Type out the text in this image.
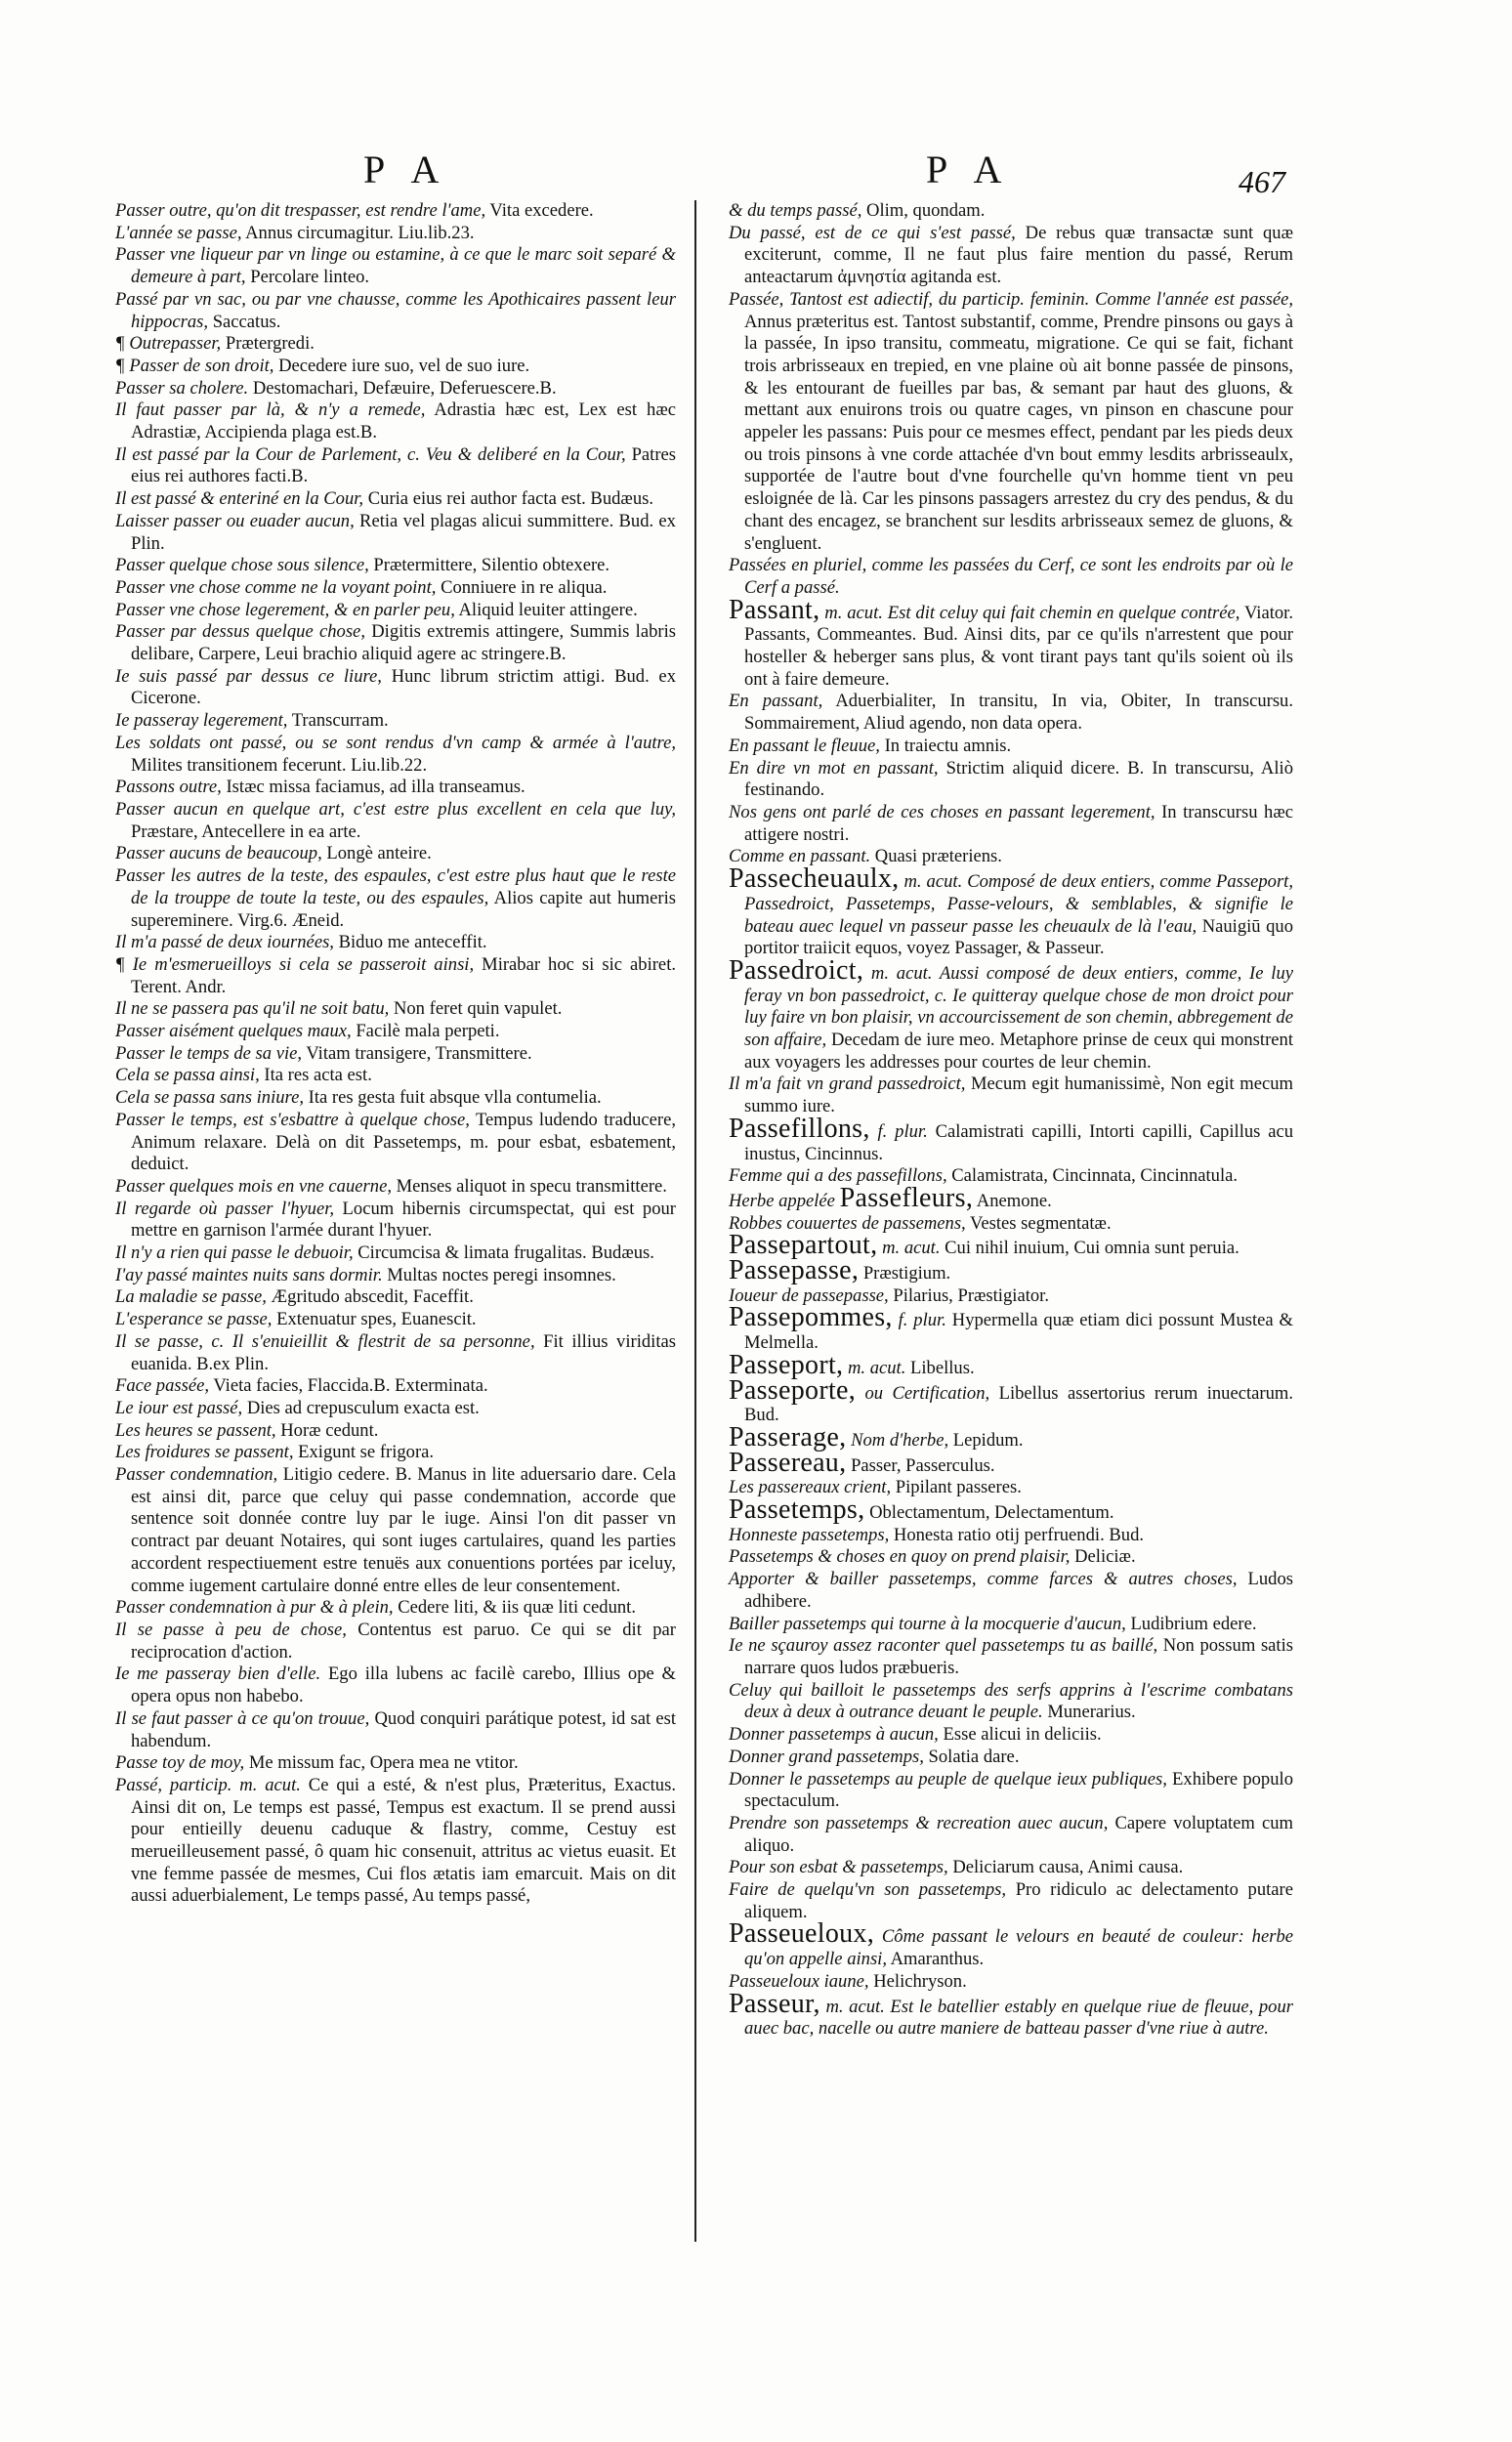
P A	P A	467

Passer outre, qu'on dit trespasser, est rendre l'ame, Vita excedere.

L'année se passe, Annus circumagitur. Liu.lib.23.

Passer vne liqueur par vn linge ou estamine, à ce que le marc soit separé & demeure à part, Percolare linteo.

Passé par vn sac, ou par vne chausse, comme les Apothicaires passent leur hippocras, Saccatus.

¶ Outrepasser, Prætergredi.

¶ Passer de son droit, Decedere iure suo, vel de suo iure.

Passer sa cholere. Destomachari, Defæuire, Deferuescere.B.

Il faut passer par là, & n'y a remede, Adrastia hæc est, Lex est hæc Adrastiæ, Accipienda plaga est.B.

Il est passé par la Cour de Parlement, c. Veu & deliberé en la Cour, Patres eius rei authores facti.B.

Il est passé & enteriné en la Cour, Curia eius rei author facta est. Budæus.

Laisser passer ou euader aucun, Retia vel plagas alicui summittere. Bud. ex Plin.

Passer quelque chose sous silence, Prætermittere, Silentio obtexere.

Passer vne chose comme ne la voyant point, Conniuere in re aliqua.

Passer vne chose legerement, & en parler peu, Aliquid leuiter attingere.

Passer par dessus quelque chose, Digitis extremis attingere, Summis labris delibare, Carpere, Leui brachio aliquid agere ac stringere.B.

Ie suis passé par dessus ce liure, Hunc librum strictim attigi. Bud. ex Cicerone.

Ie passeray legerement, Transcurram.

Les soldats ont passé, ou se sont rendus d'vn camp & armée à l'autre, Milites transitionem fecerunt. Liu.lib.22.

Passons outre, Istæc missa faciamus, ad illa transeamus.

Passer aucun en quelque art, c'est estre plus excellent en cela que luy, Præstare, Antecellere in ea arte.

Passer aucuns de beaucoup, Longè anteire.

Passer les autres de la teste, des espaules, c'est estre plus haut que le reste de la trouppe de toute la teste, ou des espaules, Alios capite aut humeris supereminere. Virg.6. Æneid.

Il m'a passé de deux iournées, Biduo me anteceffit.

¶ Ie m'esmerueilloys si cela se passeroit ainsi, Mirabar hoc si sic abiret. Terent. Andr.

Il ne se passera pas qu'il ne soit batu, Non feret quin vapulet.

Passer aisément quelques maux, Facilè mala perpeti.

Passer le temps de sa vie, Vitam transigere, Transmittere.

Cela se passa ainsi, Ita res acta est.

Cela se passa sans iniure, Ita res gesta fuit absque vlla contumelia.

Passer le temps, est s'esbattre à quelque chose, Tempus ludendo traducere, Animum relaxare. Delà on dit Passetemps, m. pour esbat, esbatement, deduict.

Passer quelques mois en vne cauerne, Menses aliquot in specu transmittere.

Il regarde où passer l'hyuer, Locum hibernis circumspectat, qui est pour mettre en garnison l'armée durant l'hyuer.

Il n'y a rien qui passe le debuoir, Circumcisa & limata frugalitas. Budæus.

I'ay passé maintes nuits sans dormir. Multas noctes peregi insomnes.

La maladie se passe, Ægritudo abscedit, Faceffit.

L'esperance se passe, Extenuatur spes, Euanescit.

Il se passe, c. Il s'enuieillit & flestrit de sa personne, Fit illius viriditas euanida. B.ex Plin.

Face passée, Vieta facies, Flaccida.B. Exterminata.

Le iour est passé, Dies ad crepusculum exacta est.

Les heures se passent, Horæ cedunt.

Les froidures se passent, Exigunt se frigora.

Passer condemnation, Litigio cedere. B. Manus in lite aduersario dare. Cela est ainsi dit, parce que celuy qui passe condemnation, accorde que sentence soit donnée contre luy par le iuge. Ainsi l'on dit passer vn contract par deuant Notaires, qui sont iuges cartulaires, quand les parties accordent respectiuement estre tenuës aux conuentions portées par iceluy, comme iugement cartulaire donné entre elles de leur consentement.

Passer condemnation à pur & à plein, Cedere liti, & iis quæ liti cedunt.

Il se passe à peu de chose, Contentus est paruo. Ce qui se dit par reciprocation d'action.

Ie me passeray bien d'elle. Ego illa lubens ac facilè carebo, Illius ope & opera opus non habebo.

Il se faut passer à ce qu'on trouue, Quod conquiri parátique potest, id sat est habendum.

Passe toy de moy, Me missum fac, Opera mea ne vtitor.

Passé, particip. m. acut. Ce qui a esté, & n'est plus, Præteritus, Exactus. Ainsi dit on, Le temps est passé, Tempus est exactum. Il se prend aussi pour entieilly deuenu caduque & flastry, comme, Cestuy est merueilleusement passé, ô quam hic consenuit, attritus ac vietus euasit. Et vne femme passée de mesmes, Cui flos ætatis iam emarcuit. Mais on dit aussi aduerbialement, Le temps passé, Au temps passé,

& du temps passé, Olim, quondam.

Du passé, est de ce qui s'est passé, De rebus quæ transactæ sunt quæ exciterunt, comme, Il ne faut plus faire mention du passé, Rerum anteactarum ἀμνηστία agitanda est.

Passée, Tantost est adiectif, du particip. feminin. Comme l'année est passée, Annus præteritus est. Tantost substantif, comme, Prendre pinsons ou gays à la passée, In ipso transitu, commeatu, migratione. Ce qui se fait, fichant trois arbrisseaux en trepied, en vne plaine où ait bonne passée de pinsons, & les entourant de fueilles par bas, & semant par haut des gluons, & mettant aux enuirons trois ou quatre cages, vn pinson en chascune pour appeler les passans: Puis pour ce mesmes effect, pendant par les pieds deux ou trois pinsons à vne corde attachée d'vn bout emmy lesdits arbrisseaulx, supportée de l'autre bout d'vne fourchelle qu'vn homme tient vn peu esloignée de là. Car les pinsons passagers arrestez du cry des pendus, & du chant des encagez, se branchent sur lesdits arbrisseaux semez de gluons, & s'engluent.

Passées en pluriel, comme les passées du Cerf, ce sont les endroits par où le Cerf a passé.

Passant, m. acut. Est dit celuy qui fait chemin en quelque contrée, Viator. Passants, Commeantes. Bud. Ainsi dits, par ce qu'ils n'arrestent que pour hosteller & heberger sans plus, & vont tirant pays tant qu'ils soient où ils ont à faire demeure.

En passant, Aduerbialiter, In transitu, In via, Obiter, In transcursu. Sommairement, Aliud agendo, non data opera.

En passant le fleuue, In traiectu amnis.

En dire vn mot en passant, Strictim aliquid dicere. B. In transcursu, Aliò festinando.

Nos gens ont parlé de ces choses en passant legerement, In transcursu hæc attigere nostri.

Comme en passant. Quasi præteriens.

Passecheuaulx, m. acut. Composé de deux entiers, comme Passeport, Passedroict, Passetemps, Passe-velours, & semblables, & signifie le bateau auec lequel vn passeur passe les cheuaulx de là l'eau, Nauigiū quo portitor traiicit equos, voyez Passager, & Passeur.

Passedroict, m. acut. Aussi composé de deux entiers, comme, Ie luy feray vn bon passedroict, c. Ie quitteray quelque chose de mon droict pour luy faire vn bon plaisir, vn accourcissement de son chemin, abbregement de son affaire, Decedam de iure meo. Metaphore prinse de ceux qui monstrent aux voyagers les addresses pour courtes de leur chemin.

Il m'a fait vn grand passedroict, Mecum egit humanissimè, Non egit mecum summo iure.

Passefillons, f. plur. Calamistrati capilli, Intorti capilli, Capillus acu inustus, Cincinnus.

Femme qui a des passefillons, Calamistrata, Cincinnata, Cincinnatula.

Herbe appelée Passefleurs, Anemone.

Robbes couuertes de passemens, Vestes segmentatæ.

Passepartout, m. acut. Cui nihil inuium, Cui omnia sunt peruia.

Passepasse, Præstigium.

Ioueur de passepasse, Pilarius, Præstigiator.

Passepommes, f. plur. Hypermella quæ etiam dici possunt Mustea & Melmella.

Passeport, m. acut. Libellus.

Passeporte, ou Certification, Libellus assertorius rerum inuectarum. Bud.

Passerage, Nom d'herbe, Lepidum.

Passereau, Passer, Passerculus.

Les passereaux crient, Pipilant passeres.

Passetemps, Oblectamentum, Delectamentum.

Honneste passetemps, Honesta ratio otij perfruendi. Bud.

Passetemps & choses en quoy on prend plaisir, Deliciæ.

Apporter & bailler passetemps, comme farces & autres choses, Ludos adhibere.

Bailler passetemps qui tourne à la mocquerie d'aucun, Ludibrium edere.

Ie ne sçauroy assez raconter quel passetemps tu as baillé, Non possum satis narrare quos ludos præbueris.

Celuy qui bailloit le passetemps des serfs apprins à l'escrime combatans deux à deux à outrance deuant le peuple. Munerarius.

Donner passetemps à aucun, Esse alicui in deliciis.

Donner grand passetemps, Solatia dare.

Donner le passetemps au peuple de quelque ieux publiques, Exhibere populo spectaculum.

Prendre son passetemps & recreation auec aucun, Capere voluptatem cum aliquo.

Pour son esbat & passetemps, Deliciarum causa, Animi causa.

Faire de quelqu'vn son passetemps, Pro ridiculo ac delectamento putare aliquem.

Passeueloux, Côme passant le velours en beauté de couleur: herbe qu'on appelle ainsi, Amaranthus.

Passeueloux iaune, Helichryson.

Passeur, m. acut. Est le batellier estably en quelque riue de fleuue, pour auec bac, nacelle ou autre maniere de batteau passer d'vne riue à autre.
